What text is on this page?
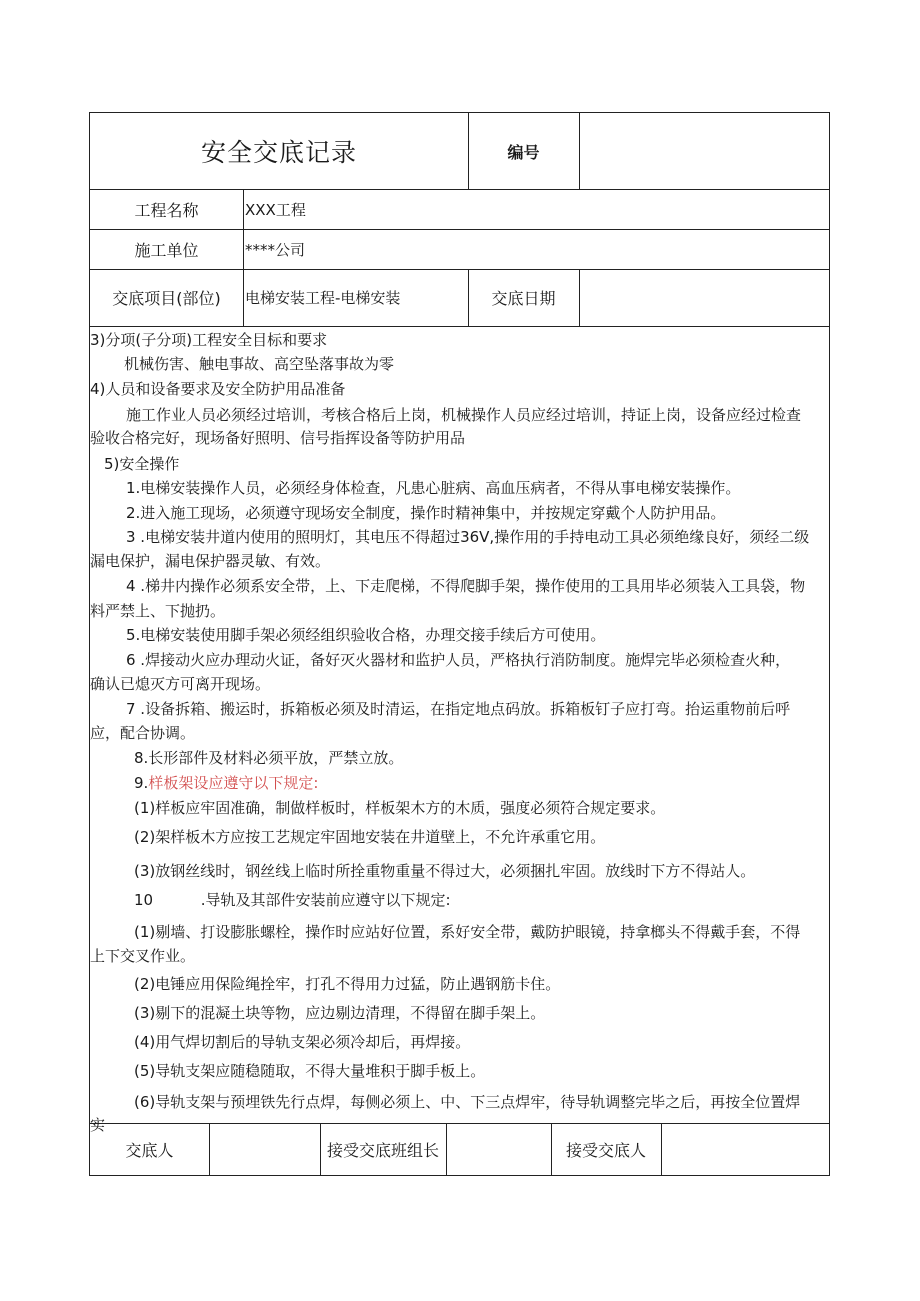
安全交底记录	编号
工程名称	XXX工程
施工单位	****公司
交底项目(部位)	电梯安装工程-电梯安装	交底日期
3)分项(子分项)工程安全目标和要求
机械伤害、触电事故、高空坠落事故为零
4)人员和设备要求及安全防护用品准备
施工作业人员必须经过培训，考核合格后上岗，机械操作人员应经过培训，持证上岗，设备应经过检查
验收合格完好，现场备好照明、信号指挥设备等防护用品
5)安全操作
1.电梯安装操作人员，必须经身体检查，凡患心脏病、高血压病者，不得从事电梯安装操作。
2.进入施工现场，必须遵守现场安全制度，操作时精神集中，并按规定穿戴个人防护用品。
3 .电梯安装井道内使用的照明灯，其电压不得超过36V,操作用的手持电动工具必须绝缘良好，须经二级
漏电保护，漏电保护器灵敏、有效。
4 .梯井内操作必须系安全带，上、下走爬梯，不得爬脚手架，操作使用的工具用毕必须装入工具袋，物
料严禁上、下抛扔。
5.电梯安装使用脚手架必须经组织验收合格，办理交接手续后方可使用。
6 .焊接动火应办理动火证，备好灭火器材和监护人员，严格执行消防制度。施焊完毕必须检查火种，
确认已熄灭方可离开现场。
7 .设备拆箱、搬运时，拆箱板必须及时清运，在指定地点码放。拆箱板钉子应打弯。抬运重物前后呼
应，配合协调。
8.长形部件及材料必须平放，严禁立放。
9.样板架设应遵守以下规定:
(1)样板应牢固准确，制做样板时，样板架木方的木质，强度必须符合规定要求。
(2)架样板木方应按工艺规定牢固地安装在井道壁上，不允许承重它用。
(3)放钢丝线时，钢丝线上临时所拴重物重量不得过大，必须捆扎牢固。放线时下方不得站人。
10          .导轨及其部件安装前应遵守以下规定:
(1)剔墙、打设膨胀螺栓，操作时应站好位置，系好安全带，戴防护眼镜，持拿榔头不得戴手套，不得
上下交叉作业。
(2)电锤应用保险绳拴牢，打孔不得用力过猛，防止遇钢筋卡住。
(3)剔下的混凝土块等物，应边剔边清理，不得留在脚手架上。
(4)用气焊切割后的导轨支架必须冷却后，再焊接。
(5)导轨支架应随稳随取，不得大量堆积于脚手板上。
(6)导轨支架与预埋铁先行点焊，每侧必须上、中、下三点焊牢，待导轨调整完毕之后，再按全位置焊
实
交底人	接受交底班组长	接受交底人
